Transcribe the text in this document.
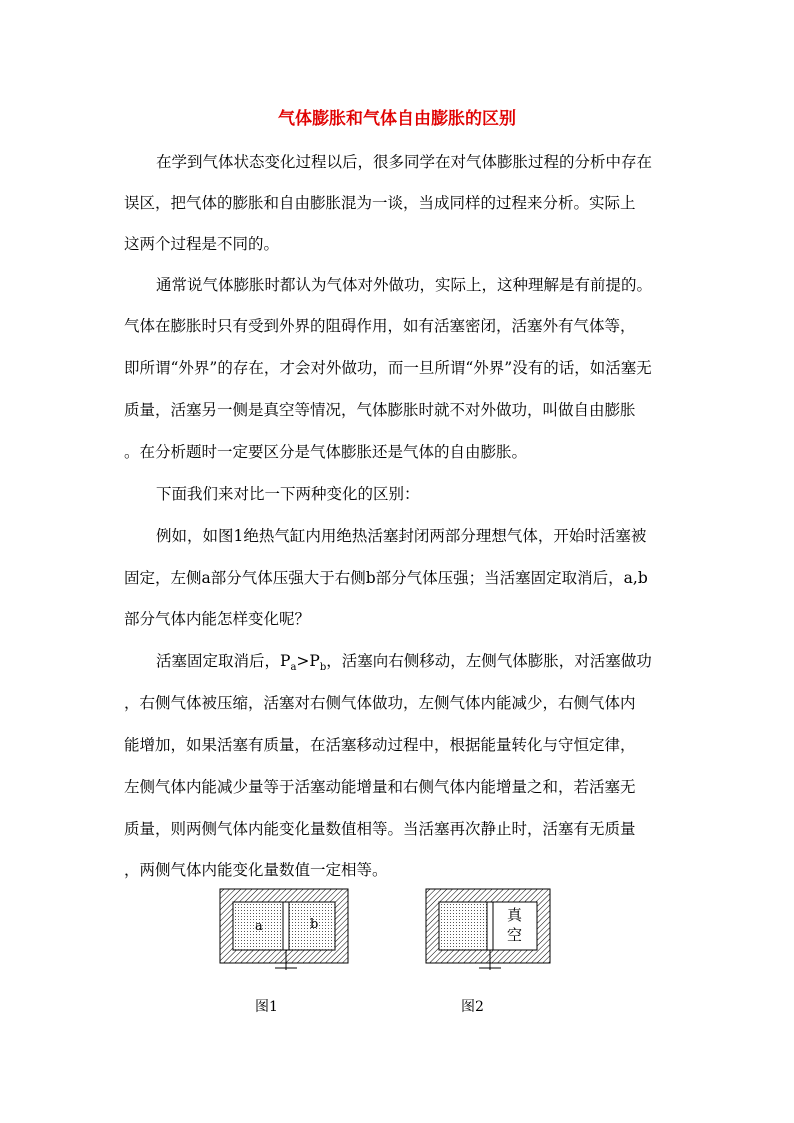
气体膨胀和气体自由膨胀的区别
在学到气体状态变化过程以后，很多同学在对气体膨胀过程的分析中存在
误区，把气体的膨胀和自由膨胀混为一谈，当成同样的过程来分析。实际上
这两个过程是不同的。
通常说气体膨胀时都认为气体对外做功，实际上，这种理解是有前提的。
气体在膨胀时只有受到外界的阻碍作用，如有活塞密闭，活塞外有气体等，
即所谓“外界”的存在，才会对外做功，而一旦所谓“外界”没有的话，如活塞无
质量，活塞另一侧是真空等情况，气体膨胀时就不对外做功，叫做自由膨胀
。在分析题时一定要区分是气体膨胀还是气体的自由膨胀。
下面我们来对比一下两种变化的区别：
例如，如图1绝热气缸内用绝热活塞封闭两部分理想气体，开始时活塞被
固定，左侧a部分气体压强大于右侧b部分气体压强；当活塞固定取消后，a,b
部分气体内能怎样变化呢？
活塞固定取消后，$P_a>P_b$，活塞向右侧移动，左侧气体膨胀，对活塞做功
，右侧气体被压缩，活塞对右侧气体做功，左侧气体内能减少，右侧气体内
能增加，如果活塞有质量，在活塞移动过程中，根据能量转化与守恒定律，
左侧气体内能减少量等于活塞动能增量和右侧气体内能增量之和，若活塞无
质量，则两侧气体内能变化量数值相等。当活塞再次静止时，活塞有无质量
，两侧气体内能变化量数值一定相等。
a	b
图1
真
空
图2
